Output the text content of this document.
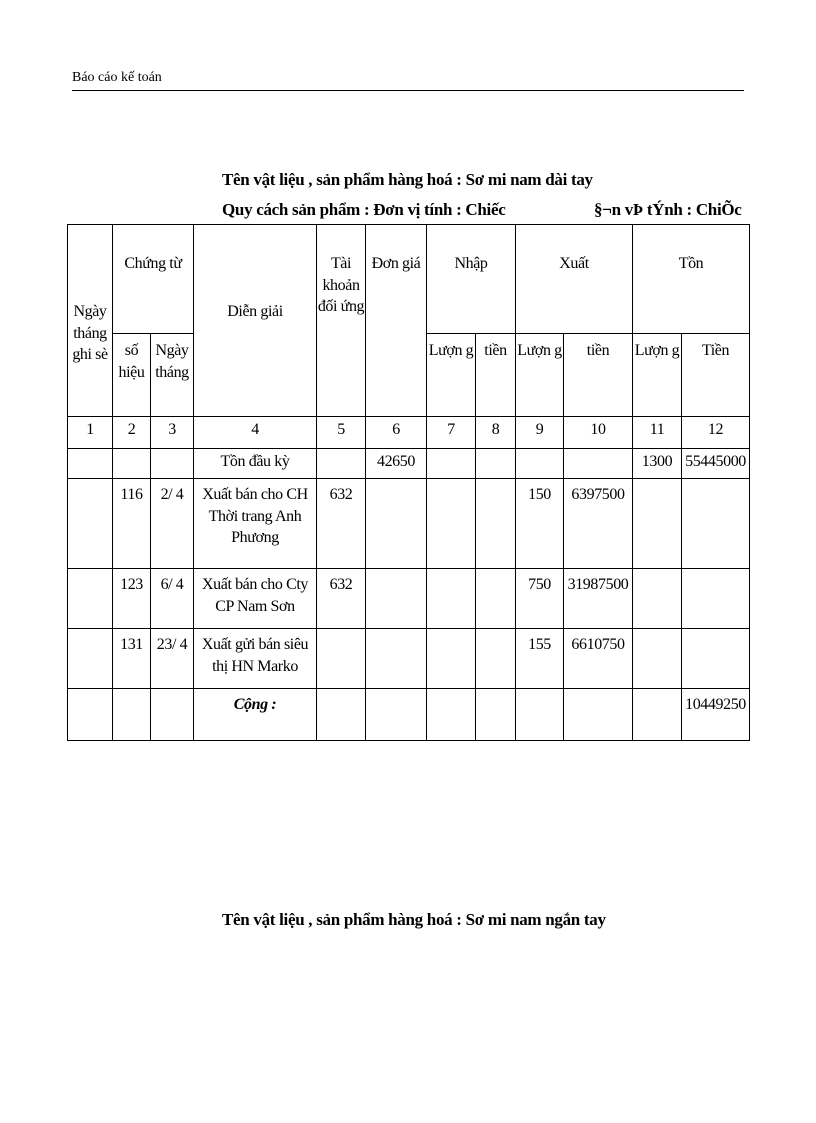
Báo cáo kế toán
Tên vật liệu , sản phẩm hàng hoá : Sơ mi nam dài tay
Quy cách sản phẩm : Đơn vị tính : Chiếc	§¬n vÞ tÝnh : ChiÕc
Ngày tháng ghi sè	Chứng từ		Diễn giải	Tài khoản đối ứng	Đơn giá	Nhập		Xuất		Tồn	
	số hiệu	Ngày tháng				Lượn g	tiền	Lượn g	tiền	Lượn g	Tiền
1	2	3	4	5	6	7	8	9	10	11	12
			Tồn đầu kỳ		42650					1300	55445000
	116	2/ 4	Xuất bán cho CH Thời trang Anh Phương	632				150	6397500		
	123	6/ 4	Xuất bán cho Cty CP Nam Sơn	632				750	31987500		
	131	23/ 4	Xuất gửi bán siêu thị HN Marko					155	6610750		
			Cộng :								10449250
Tên vật liệu , sản phẩm hàng hoá : Sơ mi nam ngắn tay
